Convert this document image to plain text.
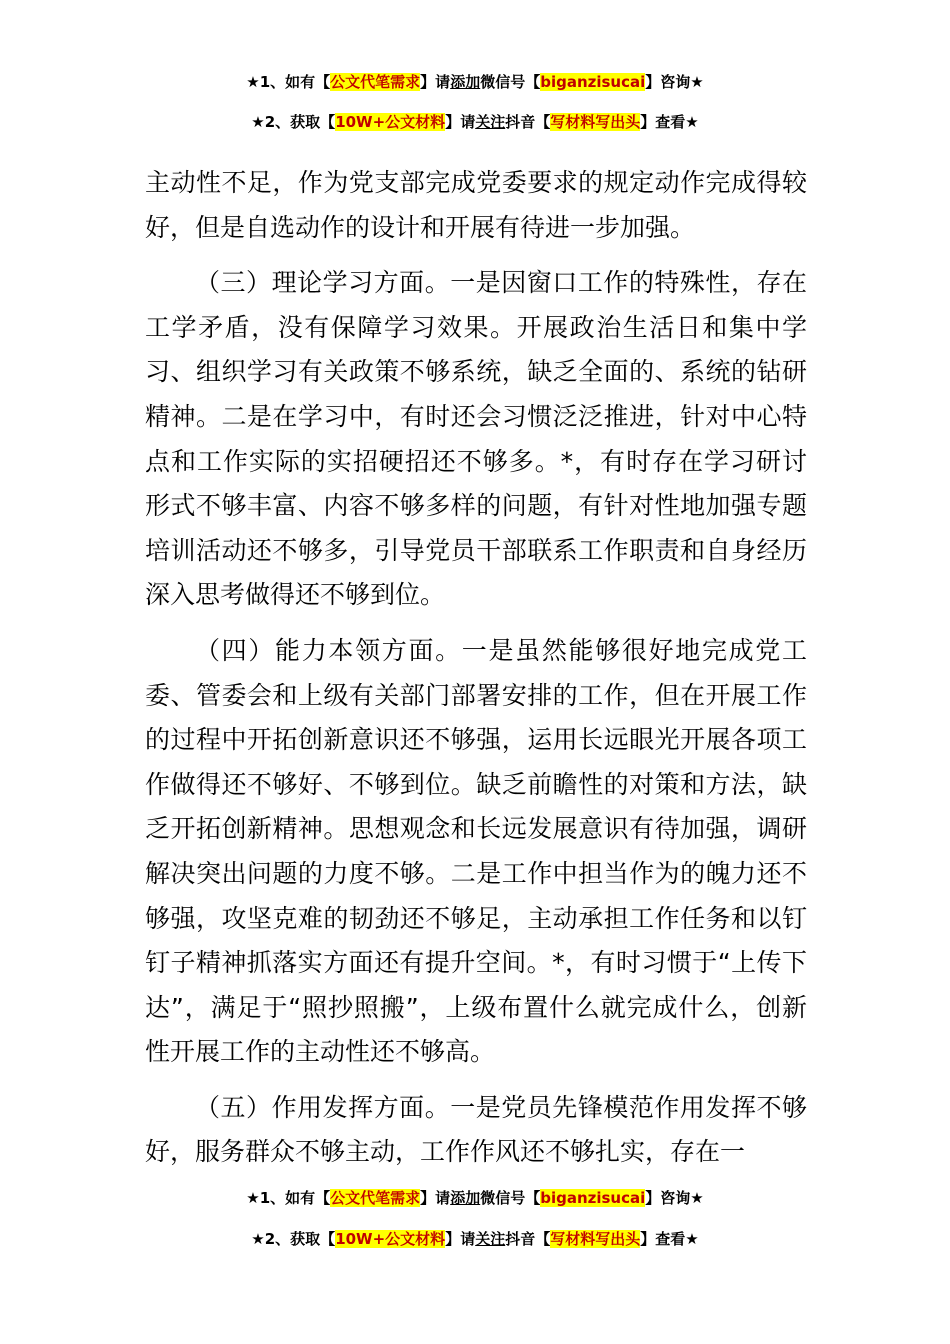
★1、如有【公文代笔需求】请添加微信号【biganzisucai】咨询★
★2、获取【10W+公文材料】请关注抖音【写材料写出头】查看★

主动性不足，作为党支部完成党委要求的规定动作完成得较好，但是自选动作的设计和开展有待进一步加强。

（三）理论学习方面。一是因窗口工作的特殊性，存在工学矛盾，没有保障学习效果。开展政治生活日和集中学习、组织学习有关政策不够系统，缺乏全面的、系统的钻研精神。二是在学习中，有时还会习惯泛泛推进，针对中心特点和工作实际的实招硬招还不够多。*，有时存在学习研讨形式不够丰富、内容不够多样的问题，有针对性地加强专题培训活动还不够多，引导党员干部联系工作职责和自身经历深入思考做得还不够到位。

（四）能力本领方面。一是虽然能够很好地完成党工委、管委会和上级有关部门部署安排的工作，但在开展工作的过程中开拓创新意识还不够强，运用长远眼光开展各项工作做得还不够好、不够到位。缺乏前瞻性的对策和方法，缺乏开拓创新精神。思想观念和长远发展意识有待加强，调研解决突出问题的力度不够。二是工作中担当作为的魄力还不够强，攻坚克难的韧劲还不够足，主动承担工作任务和以钉钉子精神抓落实方面还有提升空间。*，有时习惯于“上传下达”，满足于“照抄照搬”，上级布置什么就完成什么，创新性开展工作的主动性还不够高。

（五）作用发挥方面。一是党员先锋模范作用发挥不够好，服务群众不够主动，工作作风还不够扎实，存在一

★1、如有【公文代笔需求】请添加微信号【biganzisucai】咨询★
★2、获取【10W+公文材料】请关注抖音【写材料写出头】查看★
